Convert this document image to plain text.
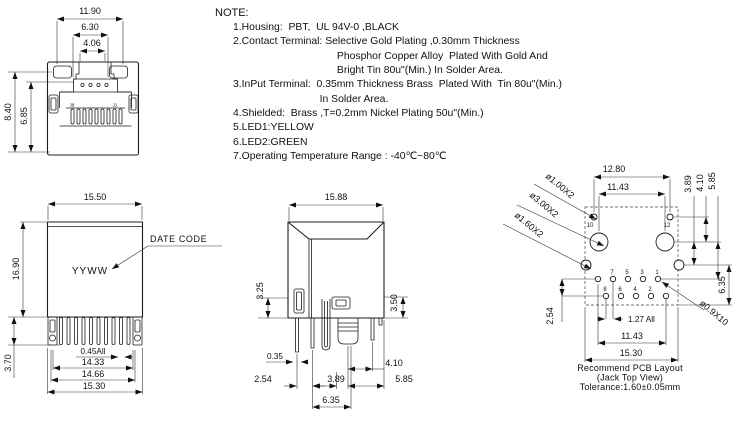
NOTE:
1.Housing:  PBT,  UL 94V-0 ,BLACK
2.Contact Terminal: Selective Gold Plating ,0.30mm Thickness
Phosphor Copper Alloy  Plated With Gold And
Bright Tin 80u"(Min.) In Solder Area.
3.InPut Terminal:  0.35mm Thickness Brass  Plated With  Tin 80u"(Min.)
In Solder Area.
4.Shielded:  Brass ,T=0.2mm Nickel Plating 50u"(Min.)
5.LED1:YELLOW
6.LED2:GREEN
7.Operating Temperature Range : -40℃~80℃
J8	J1
11.90
6.30
4.06
8.40 6.85
YYWW
DATE CODE
15.50
16.90
3.70
0.45All
14.33
14.66
15.30
15.88
3.25
3.50
0.35
2.54	3.89
4.10
5.85
6.35
10	12
7 5 3 1
8 6 4 2
ø1.00X2
ø3.00X2
ø1.60X2
ø0.9X10
12.80
11.43	3.89 4.10 5.85
6.35
2.54	1.27 All
11.43
15.30
Recommend PCB Layout
(Jack Top View)
Tolerance:1.60±0.05mm
